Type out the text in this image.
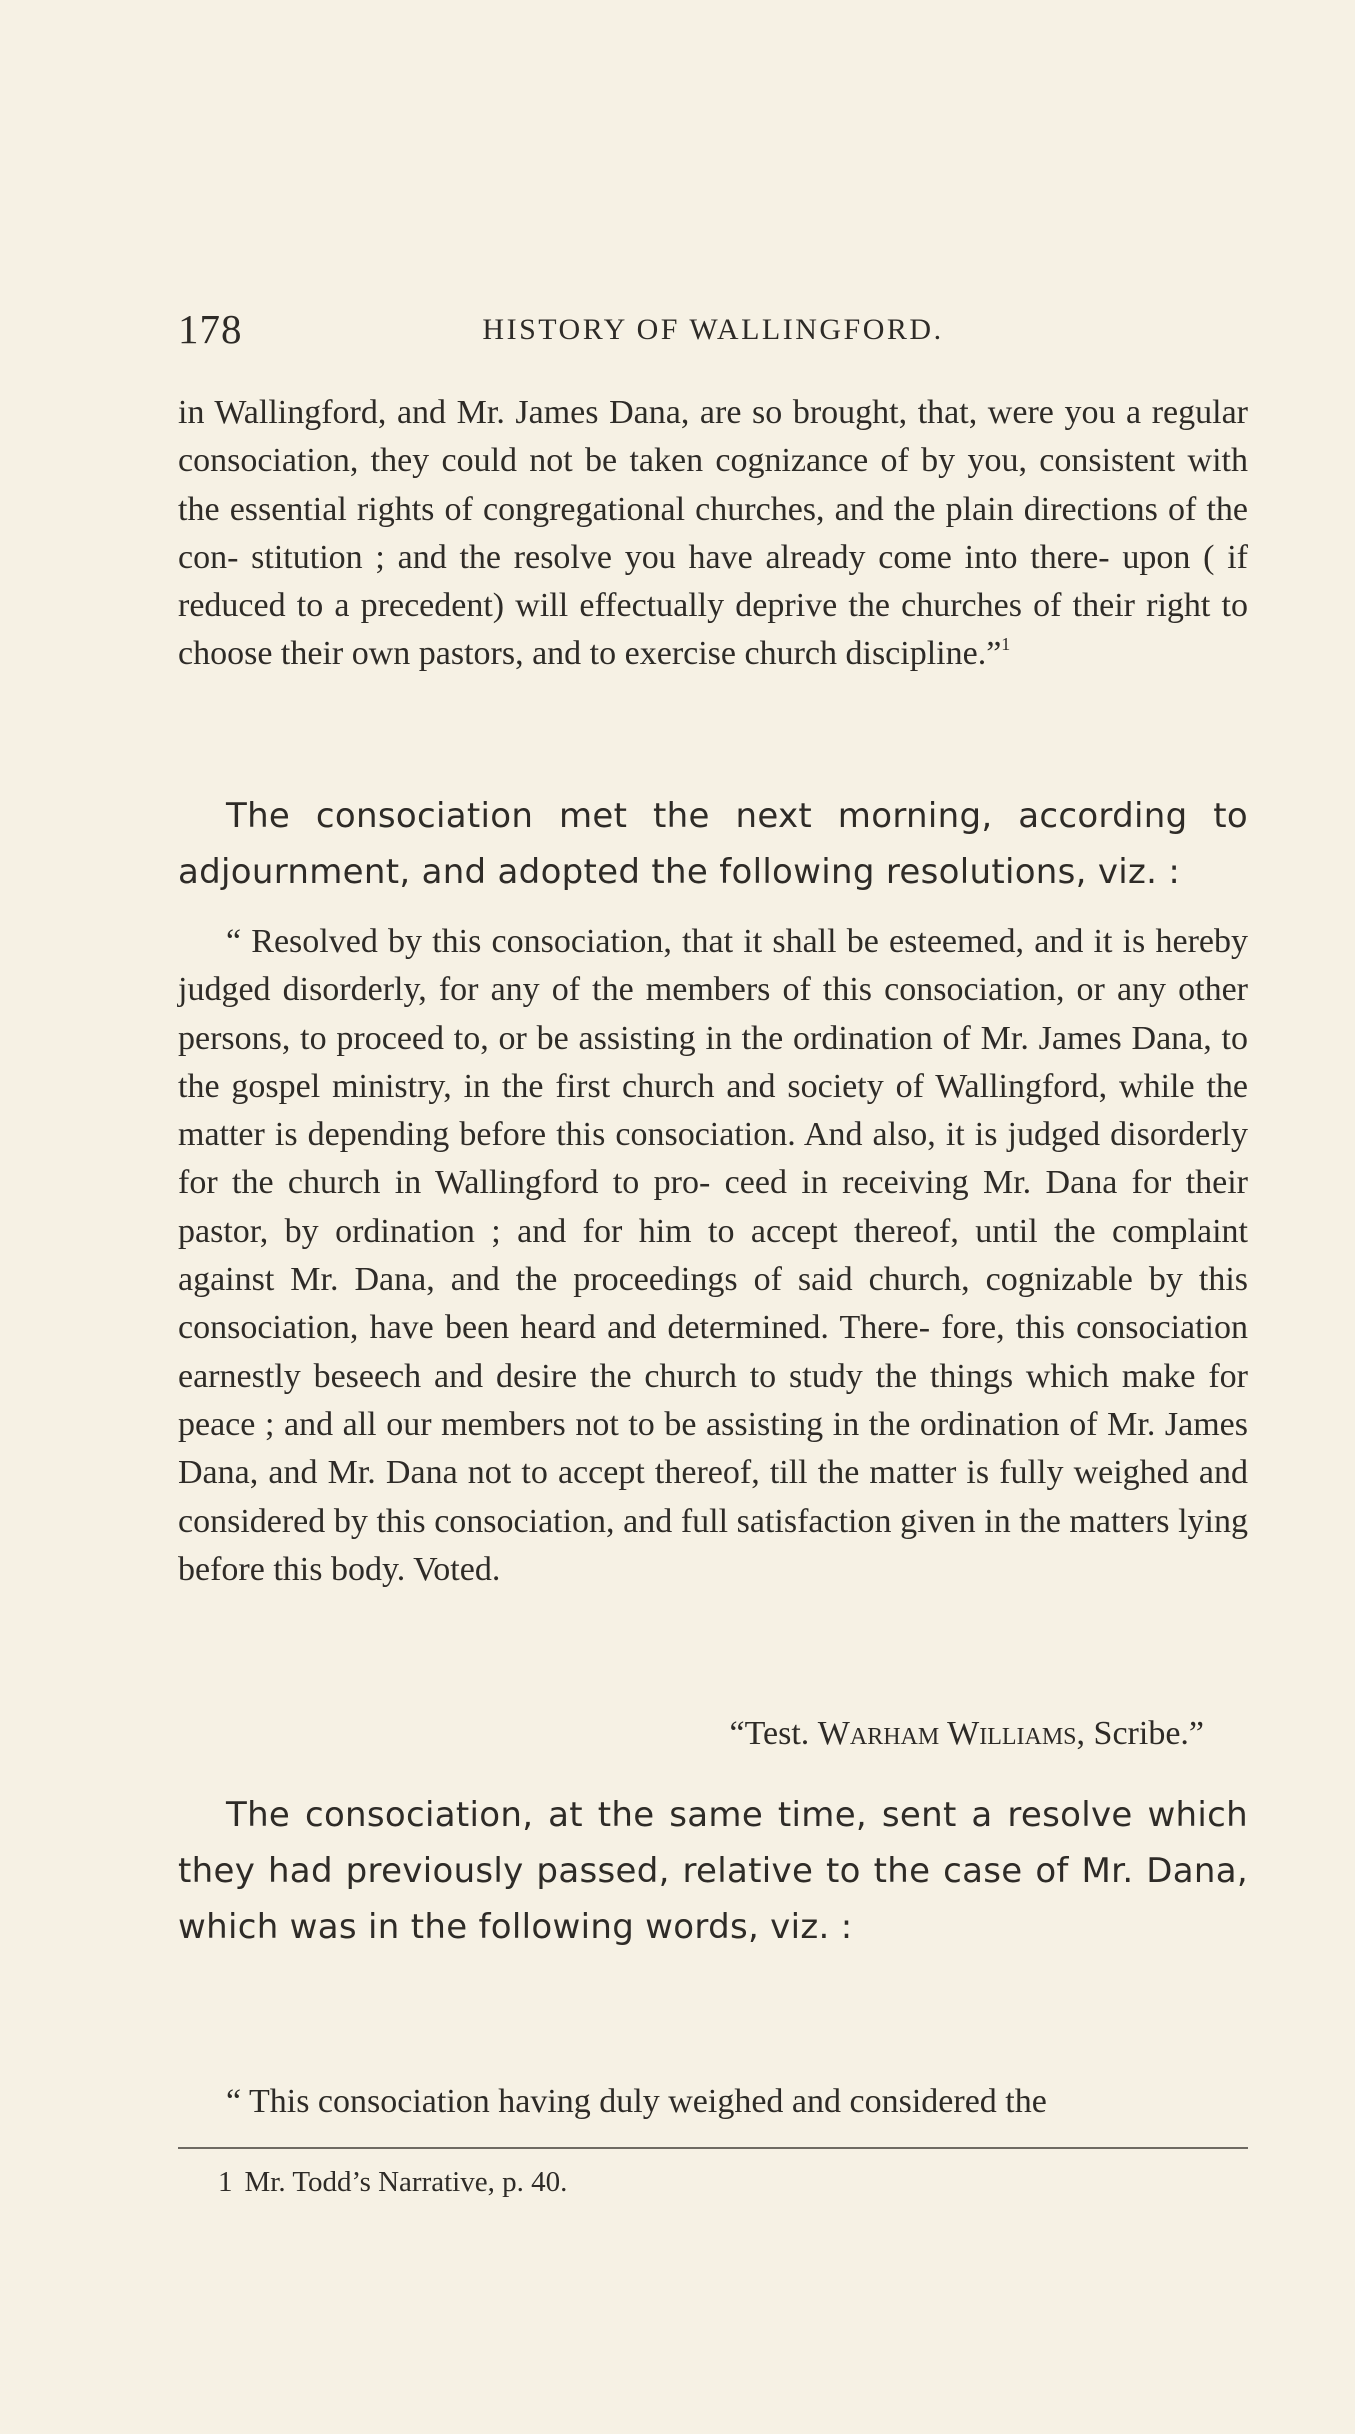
178	HISTORY OF WALLINGFORD.

in Wallingford, and Mr. James Dana, are so brought, that, were you a regular consociation, they could not be taken cognizance of by you, consistent with the essential rights of congregational churches, and the plain directions of the con- stitution ; and the resolve you have already come into there- upon ( if reduced to a precedent) will effectually deprive the churches of their right to choose their own pastors, and to exercise church discipline.”$^1$

The consociation met the next morning, according to adjournment, and adopted the following resolutions, viz. :

“ Resolved by this consociation, that it shall be esteemed, and it is hereby judged disorderly, for any of the members of this consociation, or any other persons, to proceed to, or be assisting in the ordination of Mr. James Dana, to the gospel ministry, in the first church and society of Wallingford, while the matter is depending before this consociation. And also, it is judged disorderly for the church in Wallingford to pro- ceed in receiving Mr. Dana for their pastor, by ordination ; and for him to accept thereof, until the complaint against Mr. Dana, and the proceedings of said church, cognizable by this consociation, have been heard and determined. There- fore, this consociation earnestly beseech and desire the church to study the things which make for peace ; and all our members not to be assisting in the ordination of Mr. James Dana, and Mr. Dana not to accept thereof, till the matter is fully weighed and considered by this consociation, and full satisfaction given in the matters lying before this body. Voted.

“Test. Warham Williams, Scribe.”

The consociation, at the same time, sent a resolve which they had previously passed, relative to the case of Mr. Dana, which was in the following words, viz. :

“ This consociation having duly weighed and considered the

1 Mr. Todd’s Narrative, p. 40.
